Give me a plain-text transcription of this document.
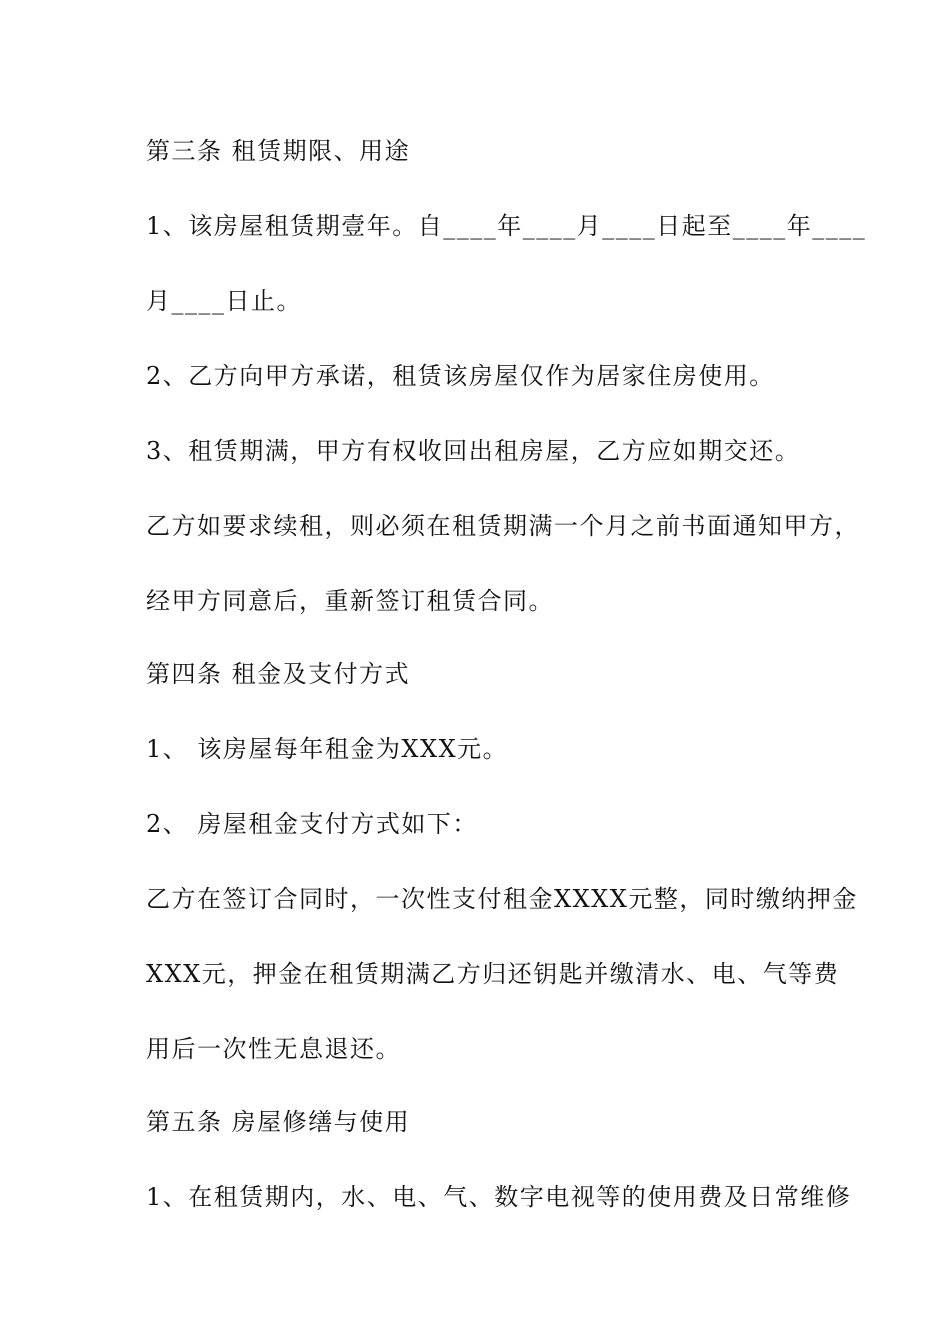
第三条 租赁期限、用途
1、该房屋租赁期壹年。自____年____月____日起至____年____
月____日止。
2、乙方向甲方承诺，租赁该房屋仅作为居家住房使用。
3、租赁期满，甲方有权收回出租房屋，乙方应如期交还。
乙方如要求续租，则必须在租赁期满一个月之前书面通知甲方，
经甲方同意后，重新签订租赁合同。
第四条 租金及支付方式
1、 该房屋每年租金为XXX元。
2、 房屋租金支付方式如下：
乙方在签订合同时，一次性支付租金XXXX元整，同时缴纳押金
XXX元，押金在租赁期满乙方归还钥匙并缴清水、电、气等费
用后一次性无息退还。
第五条 房屋修缮与使用
1、在租赁期内，水、电、气、数字电视等的使用费及日常维修
